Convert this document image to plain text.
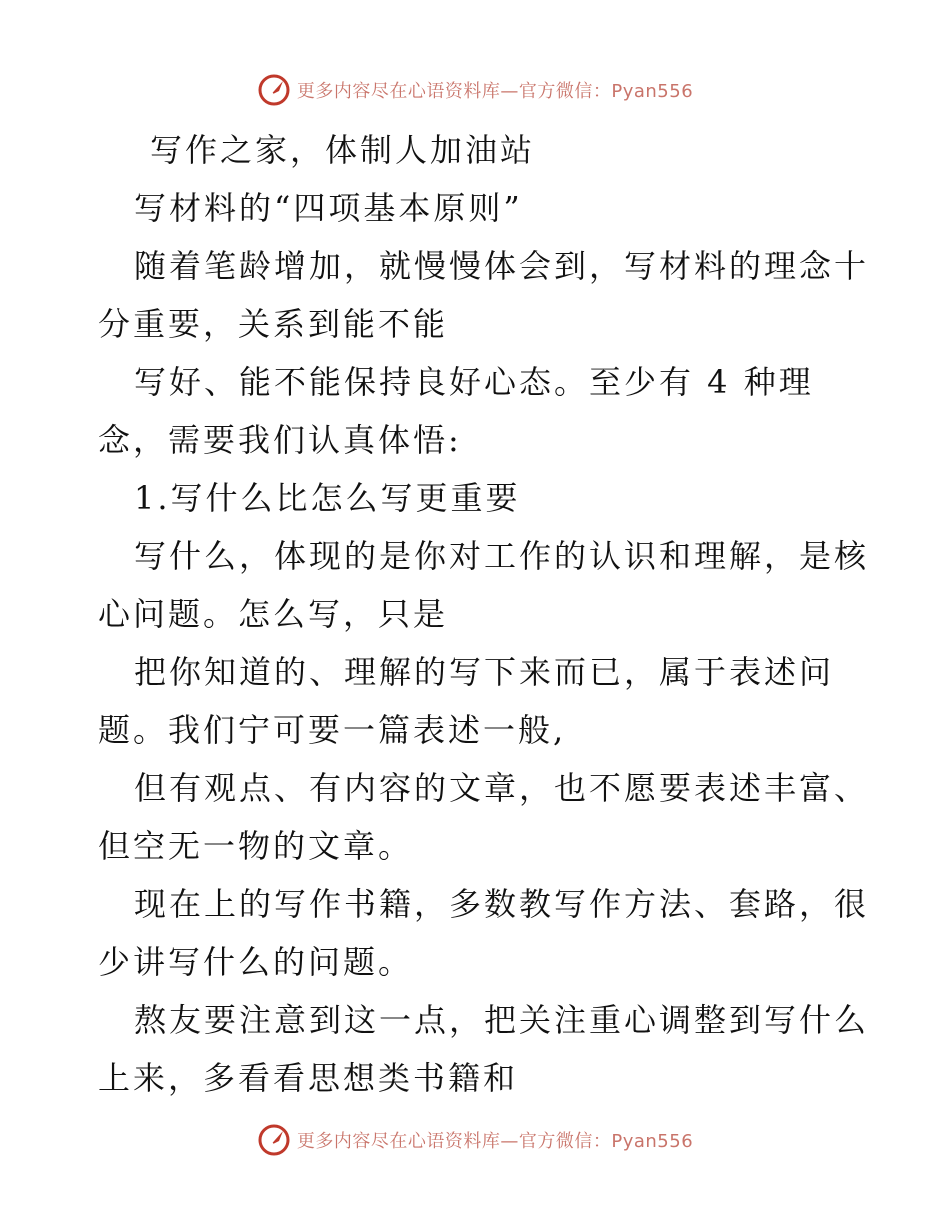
更多内容尽在心语资料库—官方微信：Pyan556
写作之家，体制人加油站
写材料的“四项基本原则”
随着笔龄增加，就慢慢体会到，写材料的理念十
分重要，关系到能不能
写好、能不能保持良好心态。至少有 4 种理
念，需要我们认真体悟:
1.写什么比怎么写更重要
写什么，体现的是你对工作的认识和理解，是核
心问题。怎么写，只是
把你知道的、理解的写下来而已，属于表述问
题。我们宁可要一篇表述一般,
但有观点、有内容的文章，也不愿要表述丰富、
但空无一物的文章。
现在上的写作书籍，多数教写作方法、套路，很
少讲写什么的问题。
熬友要注意到这一点，把关注重心调整到写什么
上来，多看看思想类书籍和
更多内容尽在心语资料库—官方微信：Pyan556
